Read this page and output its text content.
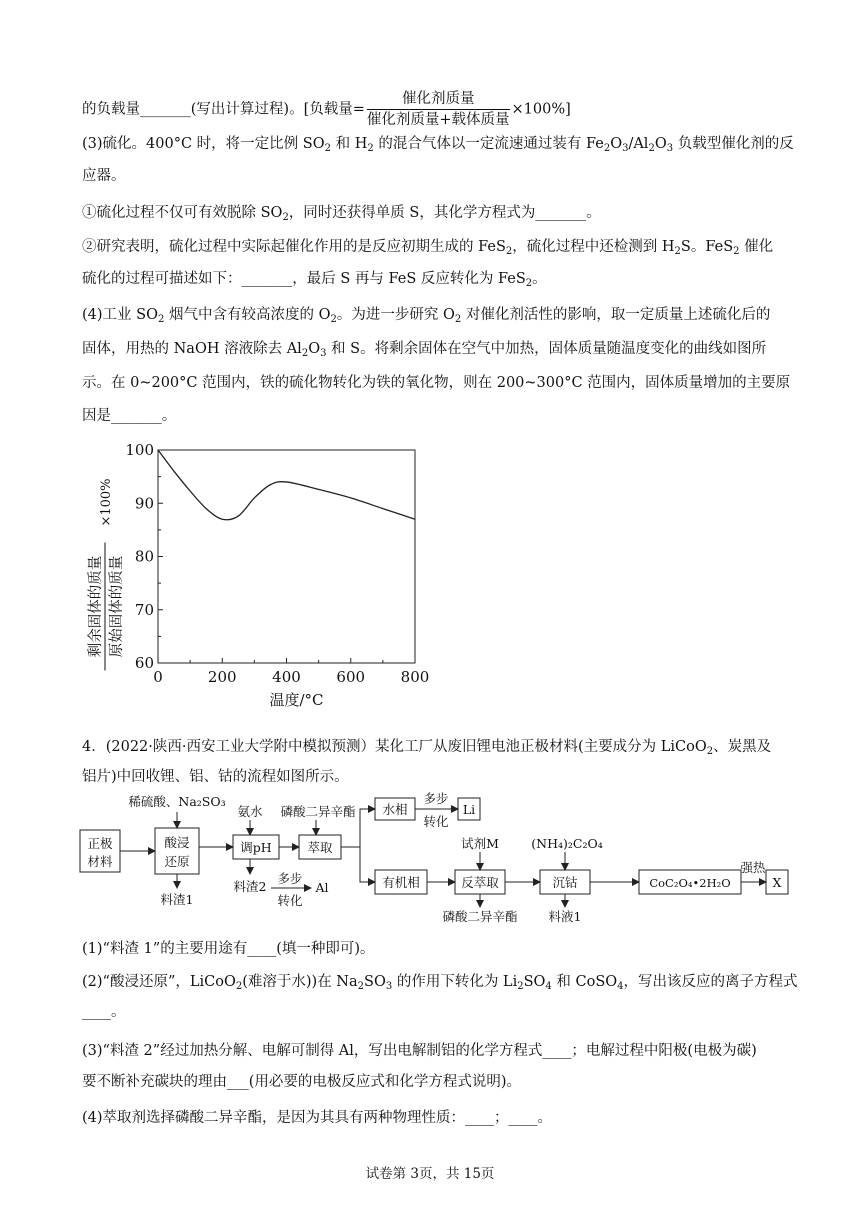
的负载量_______(写出计算过程)。[负载量= $\frac{\text{催化剂质量}}{\text{催化剂质量+载体质量}} \times 100\%$]
(3)硫化。400°C 时，将一定比例 $SO_2$ 和 $H_2$ 的混合气体以一定流速通过装有 $Fe_2O_3/Al_2O_3$ 负载型催化剂的反
应器。
①硫化过程不仅可有效脱除 $SO_2$，同时还获得单质 S，其化学方程式为_______。
②研究表明，硫化过程中实际起催化作用的是反应初期生成的 FeS$_2$，硫化过程中还检测到 $H_2S$。FeS$_2$ 催化
硫化的过程可描述如下：_______，最后 S 再与 FeS 反应转化为 FeS$_2$。
(4)工业 $SO_2$ 烟气中含有较高浓度的 $O_2$。为进一步研究 $O_2$ 对催化剂活性的影响，取一定质量上述硫化后的
固体，用热的 NaOH 溶液除去 $Al_2O_3$ 和 S。将剩余固体在空气中加热，固体质量随温度变化的曲线如图所
示。在 0~200°C 范围内，铁的硫化物转化为铁的氧化物，则在 200~300°C 范围内，固体质量增加的主要原
因是_______。
0	200 400 600 800
60
70
80
90
100
温度/°C
剩余固体的质量 原始固体的质量
×100%
4．(2022·陕西·西安工业大学附中模拟预测）某化工厂从废旧锂电池正极材料(主要成分为 LiCoO$_2$、炭黑及
铝片)中回收锂、铝、钴的流程如图所示。
正极
材料
酸浸
还原
调pH	萃取
水相	Li
有机相	反萃取	沉钴	CoC₂O₄•2H₂O	X
稀硫酸、Na₂SO₃
氨水 磷酸二异辛酯
多步
转化
试剂M	(NH₄)₂C₂O₄
强热
料渣1
料渣2
多步
转化
Al
磷酸二异辛酯 料液1
(1)“料渣 1”的主要用途有____(填一种即可)。
(2)“酸浸还原”，LiCoO$_2$(难溶于水))在 $Na_2SO_3$ 的作用下转化为 $Li_2SO_4$ 和 CoSO$_4$，写出该反应的离子方程式
____。
(3)“料渣 2”经过加热分解、电解可制得 Al，写出电解制铝的化学方程式____；电解过程中阳极(电极为碳)
要不断补充碳块的理由___(用必要的电极反应式和化学方程式说明)。
(4)萃取剂选择磷酸二异辛酯，是因为其具有两种物理性质：____；____。
试卷第 3页，共 15页
